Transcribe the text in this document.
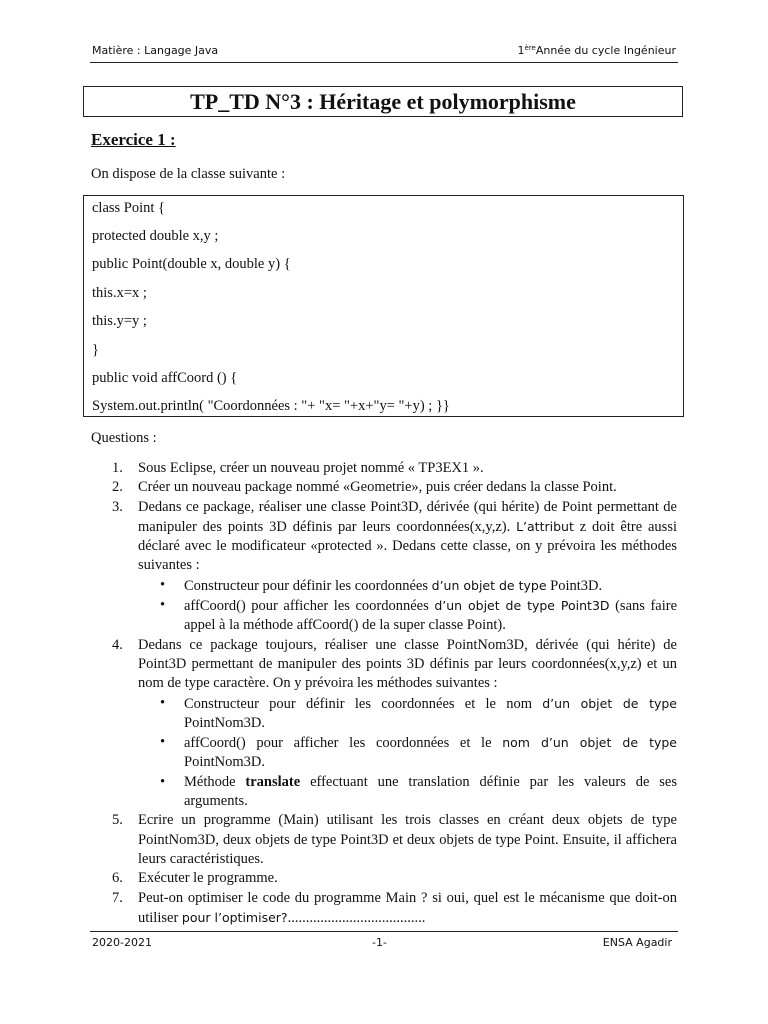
Matière : Langage Java	1èreAnnée du cycle Ingénieur
TP_TD N°3 : Héritage et polymorphisme
Exercice 1 :
On dispose de la classe suivante :
class Point {
protected double x,y ;
public Point(double x, double y) {
this.x=x ;
this.y=y ;
}
public void affCoord () {
System.out.println( "Coordonnées : "+ "x= "+x+"y= "+y) ; }}
Questions :
1. Sous Eclipse, créer un nouveau projet nommé « TP3EX1 ».
2. Créer un nouveau package nommé «Geometrie», puis créer dedans la classe Point.
3. Dedans ce package, réaliser une classe Point3D, dérivée (qui hérite) de Point permettant de manipuler des points 3D définis par leurs coordonnées(x,y,z). L’attribut z doit être aussi déclaré avec le modificateur «protected ». Dedans cette classe, on y prévoira les méthodes suivantes :
• Constructeur pour définir les coordonnées d’un objet de type Point3D.
• affCoord() pour afficher les coordonnées d’un objet de type Point3D (sans faire appel à la méthode affCoord() de la super classe Point).
4. Dedans ce package toujours, réaliser une classe PointNom3D, dérivée (qui hérite) de Point3D permettant de manipuler des points 3D définis par leurs coordonnées(x,y,z) et un nom de type caractère. On y prévoira les méthodes suivantes :
• Constructeur pour définir les coordonnées et le nom d’un objet de type PointNom3D.
• affCoord() pour afficher les coordonnées et le nom d’un objet de type PointNom3D.
• Méthode translate effectuant une translation définie par les valeurs de ses arguments.
5. Ecrire un programme (Main) utilisant les trois classes en créant deux objets de type PointNom3D, deux objets de type Point3D et deux objets de type Point. Ensuite, il affichera leurs caractéristiques.
6. Exécuter le programme.
7. Peut-on optimiser le code du programme Main ? si oui, quel est le mécanisme que doit-on utiliser pour l’optimiser?......................................
2020-2021	-1-	ENSA Agadir
